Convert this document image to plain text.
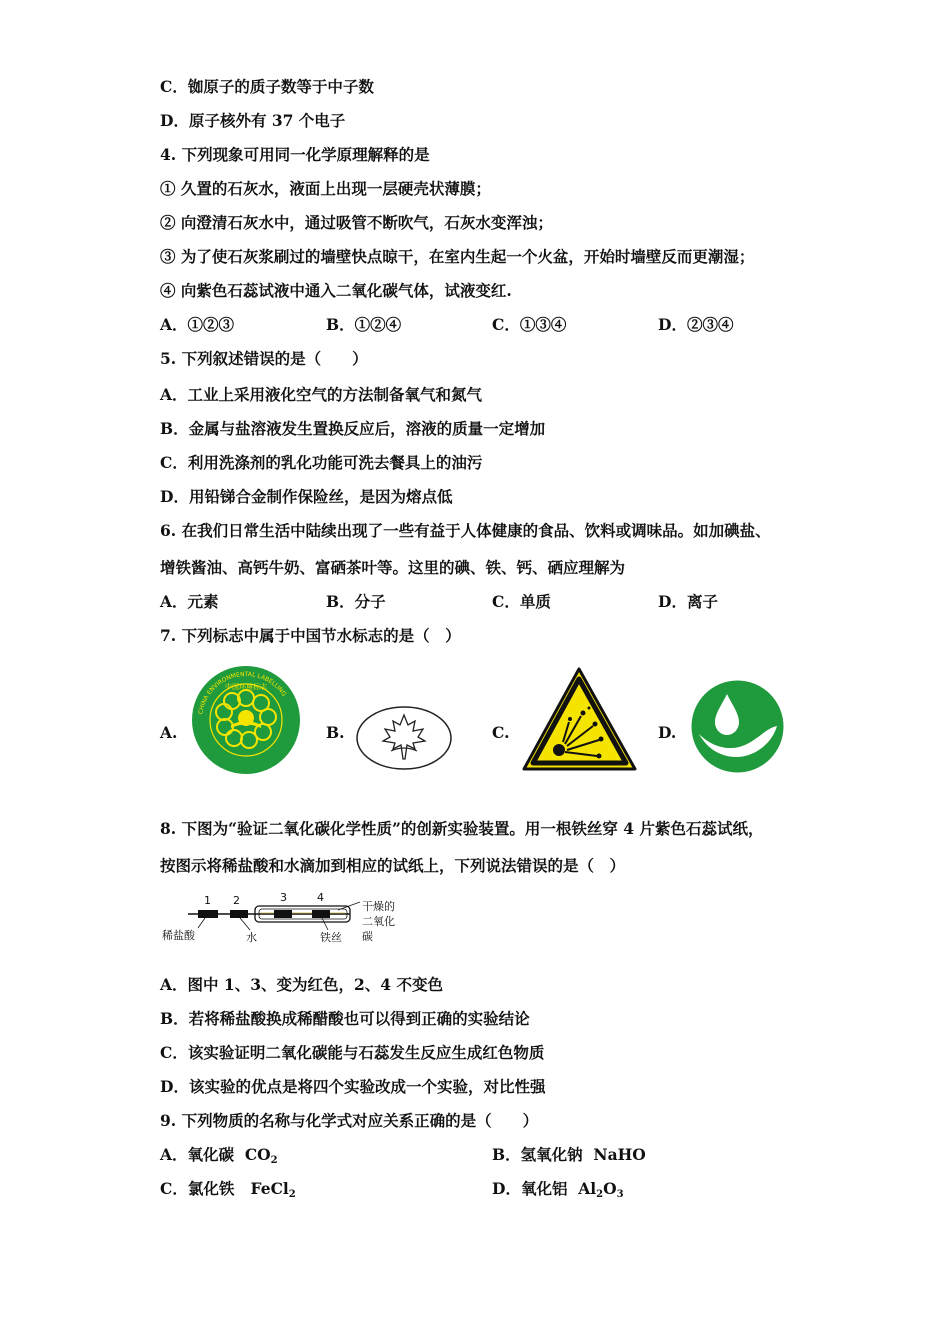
C．铷原子的质子数等于中子数
D．原子核外有 37 个电子
4. 下列现象可用同一化学原理解释的是
① 久置的石灰水，液面上出现一层硬壳状薄膜；
② 向澄清石灰水中，通过吸管不断吹气，石灰水变浑浊；
③ 为了使石灰浆刷过的墙壁快点晾干，在室内生起一个火盆，开始时墙壁反而更潮湿；
④ 向紫色石蕊试液中通入二氧化碳气体，试液变红.
A．①②③	B．①②④	C．①③④	D．②③④
5. 下列叙述错误的是（　　）
A．工业上采用液化空气的方法制备氧气和氮气
B．金属与盐溶液发生置换反应后，溶液的质量一定增加
C．利用洗涤剂的乳化功能可洗去餐具上的油污
D．用铅锑合金制作保险丝，是因为熔点低
6. 在我们日常生活中陆续出现了一些有益于人体健康的食品、饮料或调味品。如加碘盐、
增铁酱油、高钙牛奶、富硒茶叶等。这里的碘、铁、钙、硒应理解为
A．元素	B．分子	C．单质	D．离子
7. 下列标志中属于中国节水标志的是（　）
A.
CHINA ENVIRONMENTAL LABELLING
中国环境标志
B.	C.	D.
8. 下图为“验证二氧化碳化学性质”的创新实验装置。用一根铁丝穿 4 片紫色石蕊试纸，
按图示将稀盐酸和水滴加到相应的试纸上，下列说法错误的是（　）
1 2	3	4
稀盐酸	水	铁丝
干燥的
二氧化
碳
A．图中 1、3、变为红色，2、4 不变色
B．若将稀盐酸换成稀醋酸也可以得到正确的实验结论
C．该实验证明二氧化碳能与石蕊发生反应生成红色物质
D．该实验的优点是将四个实验改成一个实验，对比性强
9. 下列物质的名称与化学式对应关系正确的是（　　）
A．氧化碳 $CO_2$	B．氢氧化钠 NaHO
C．氯化铁 FeCl$_2$	D．氧化铝 $Al_2O_3$
